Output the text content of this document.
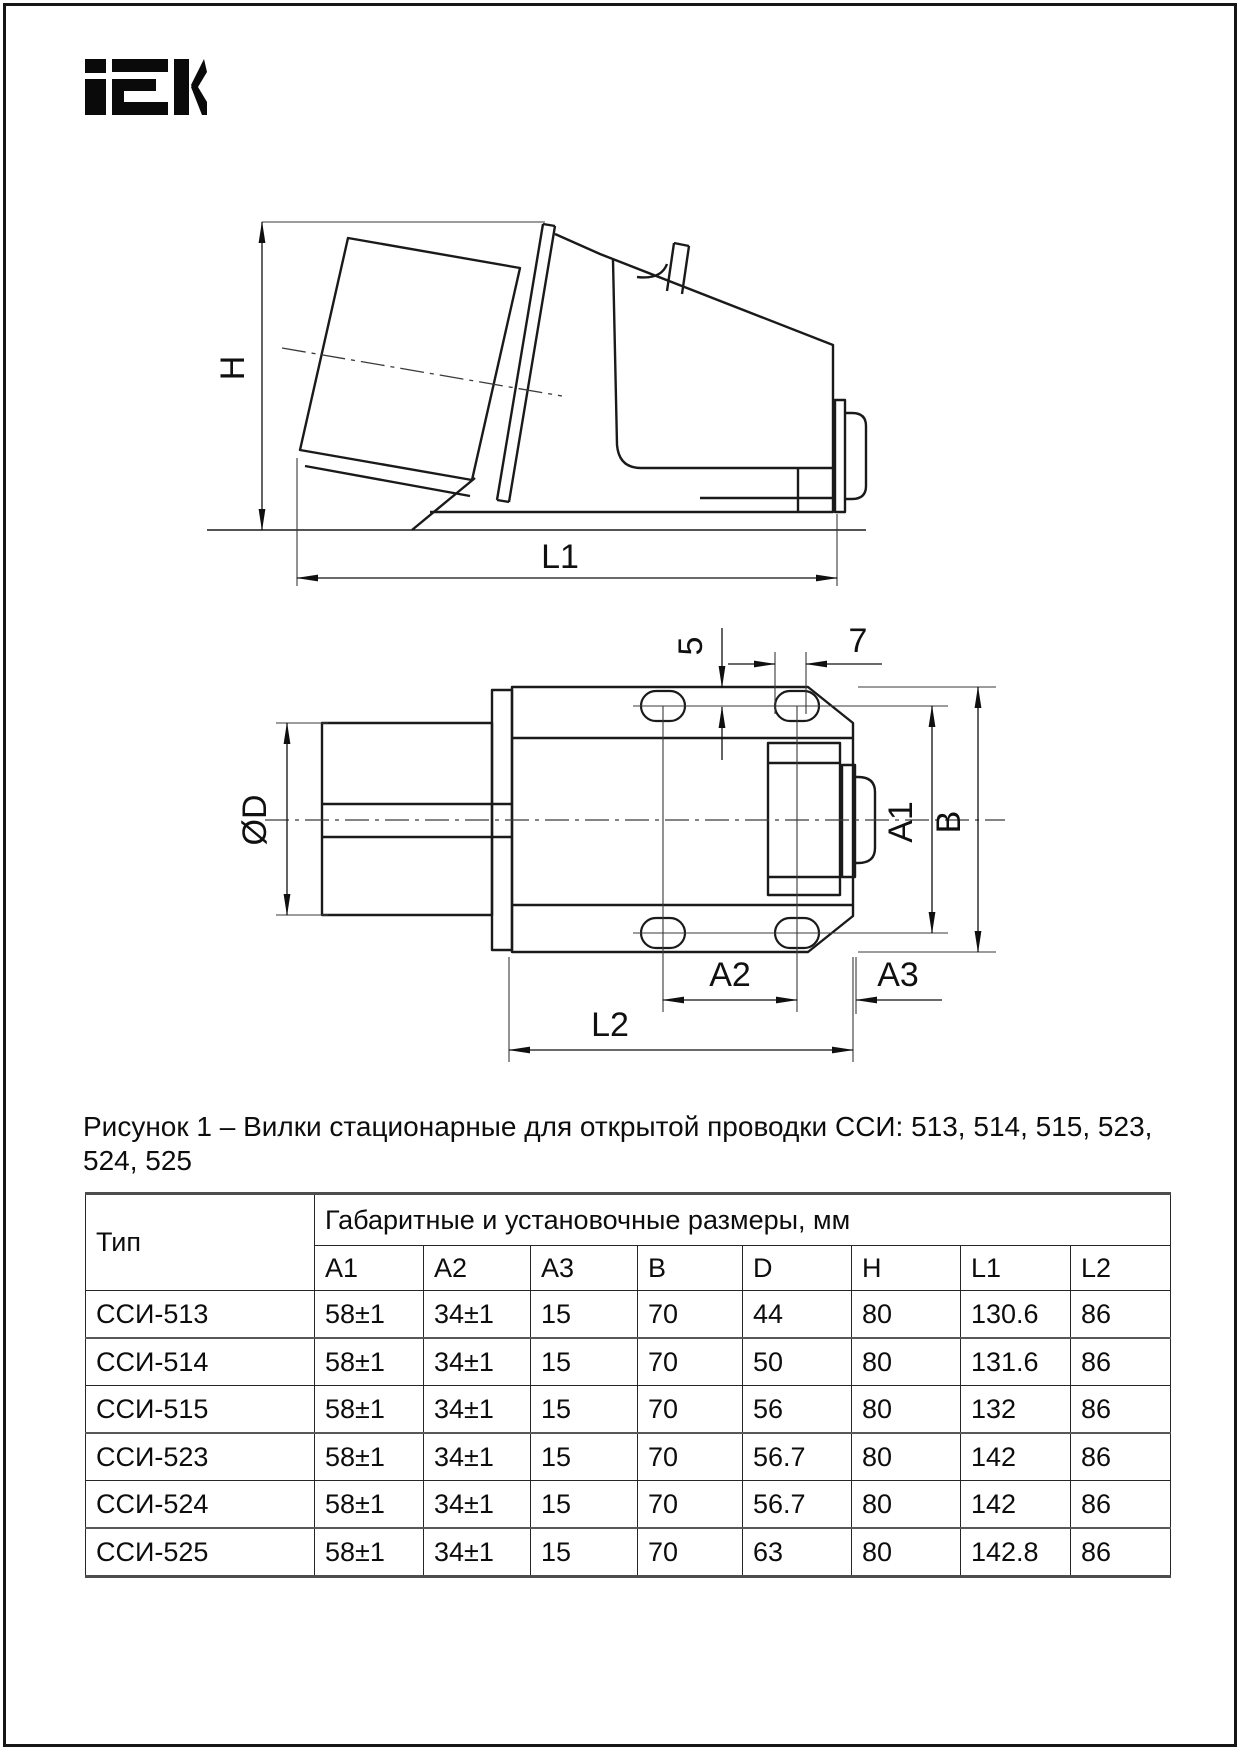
H
L1
ØD
5	7
A1 B
A2	A3
L2
Рисунок 1 – Вилки стационарные для открытой проводки ССИ: 513, 514, 515, 523, 524, 525
Тип	Габаритные и установочные размеры, мм							
	A1	A2	A3	B	D	H	L1	L2
ССИ-513	58±1	34±1	15	70	44	80	130.6	86
ССИ-514	58±1	34±1	15	70	50	80	131.6	86
ССИ-515	58±1	34±1	15	70	56	80	132	86
ССИ-523	58±1	34±1	15	70	56.7	80	142	86
ССИ-524	58±1	34±1	15	70	56.7	80	142	86
ССИ-525	58±1	34±1	15	70	63	80	142.8	86
